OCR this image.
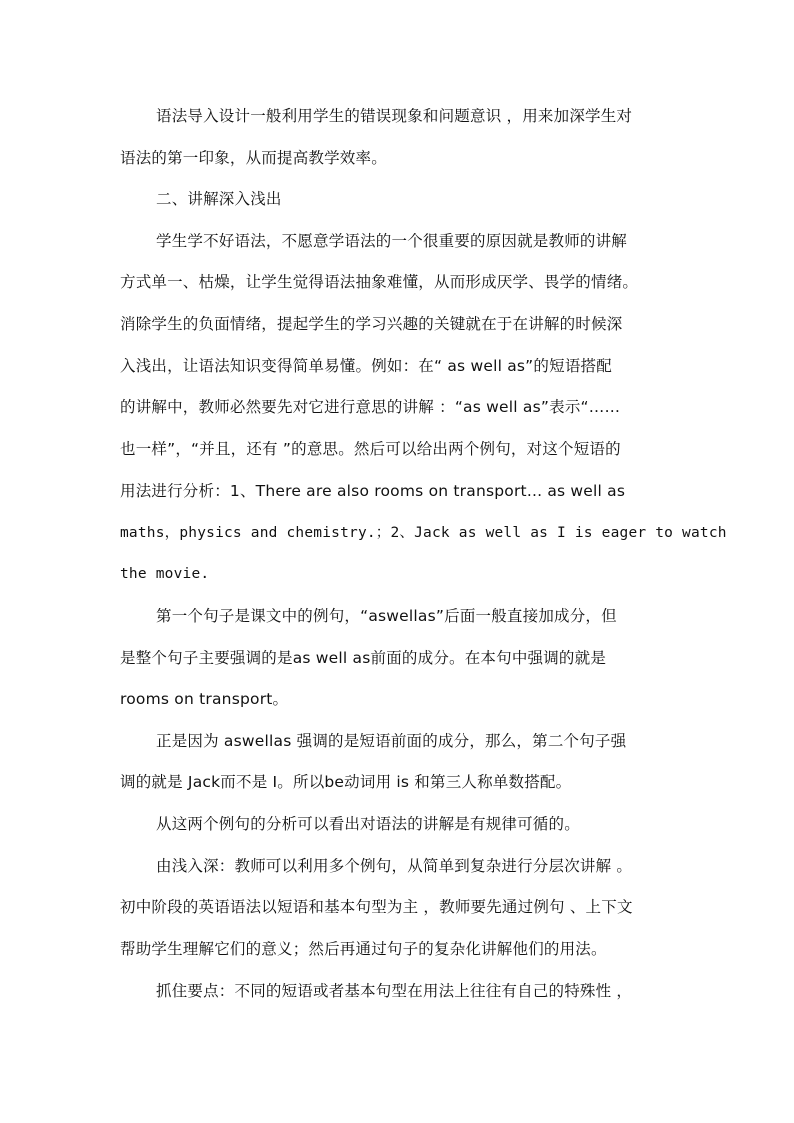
语法导入设计一般利用学生的错误现象和问题意识 ，用来加深学生对
语法的第一印象，从而提高教学效率。
二、讲解深入浅出
学生学不好语法，不愿意学语法的一个很重要的原因就是教师的讲解
方式单一、枯燥，让学生觉得语法抽象难懂，从而形成厌学、畏学的情绪。
消除学生的负面情绪，提起学生的学习兴趣的关键就在于在讲解的时候深
入浅出，让语法知识变得简单易懂。例如：在“ as well as”的短语搭配
的讲解中，教师必然要先对它进行意思的讲解 ：“as well as”表示“……
也一样”，“并且，还有 ”的意思。然后可以给出两个例句，对这个短语的
用法进行分析：1、There are also rooms on transport... as well as
maths，physics and chemistry.；2、Jack as well as I is eager to watch
the movie.
第一个句子是课文中的例句，“aswellas”后面一般直接加成分，但
是整个句子主要强调的是as well as前面的成分。在本句中强调的就是
rooms on transport。
正是因为 aswellas 强调的是短语前面的成分，那么，第二个句子强
调的就是 Jack而不是 I。所以be动词用 is 和第三人称单数搭配。
从这两个例句的分析可以看出对语法的讲解是有规律可循的。
由浅入深：教师可以利用多个例句，从简单到复杂进行分层次讲解 。
初中阶段的英语语法以短语和基本句型为主 ，教师要先通过例句 、上下文
帮助学生理解它们的意义；然后再通过句子的复杂化讲解他们的用法。
抓住要点：不同的短语或者基本句型在用法上往往有自己的特殊性 ，
